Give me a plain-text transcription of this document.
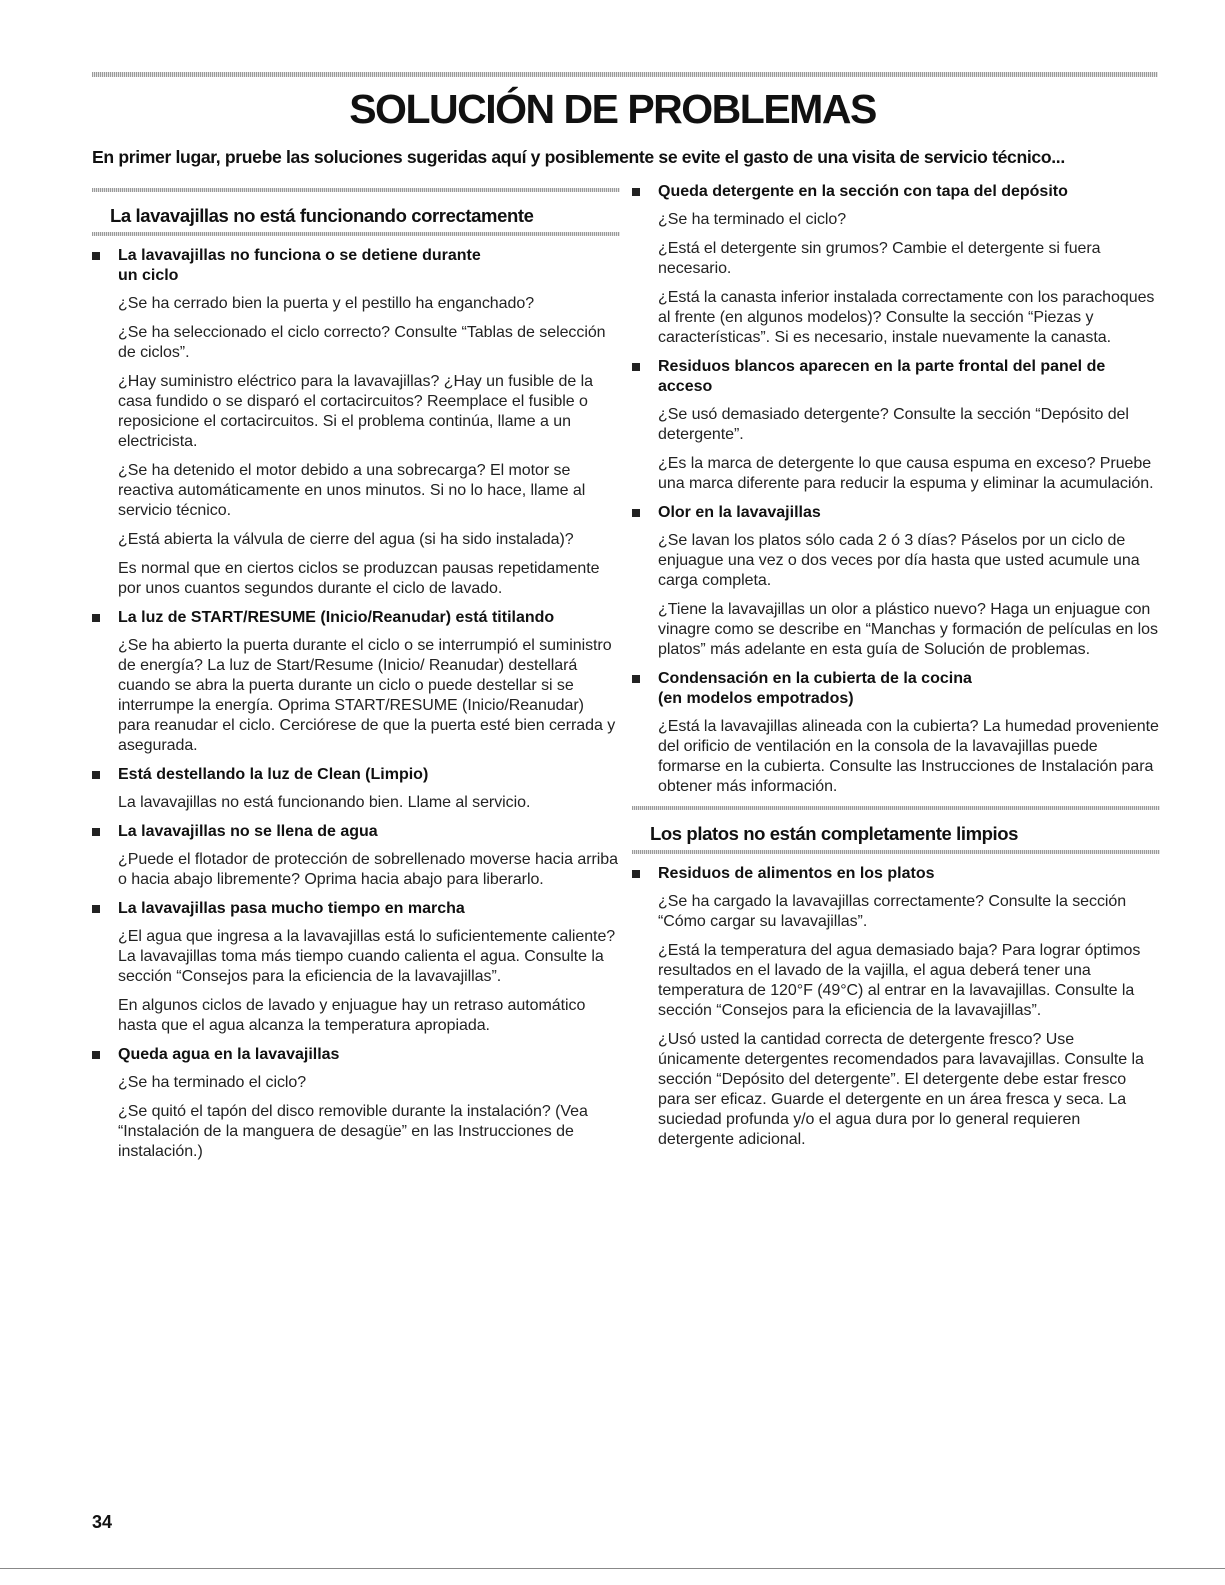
SOLUCIÓN DE PROBLEMAS
En primer lugar, pruebe las soluciones sugeridas aquí y posiblemente se evite el gasto de una visita de servicio técnico...
La lavavajillas no está funcionando correctamente
La lavavajillas no funciona o se detiene durante
un ciclo

¿Se ha cerrado bien la puerta y el pestillo ha enganchado?

¿Se ha seleccionado el ciclo correcto? Consulte “Tablas de selección de ciclos”.

¿Hay suministro eléctrico para la lavavajillas? ¿Hay un fusible de la casa fundido o se disparó el cortacircuitos? Reemplace el fusible o reposicione el cortacircuitos. Si el problema continúa, llame a un electricista.

¿Se ha detenido el motor debido a una sobrecarga? El motor se reactiva automáticamente en unos minutos. Si no lo hace, llame al servicio técnico.

¿Está abierta la válvula de cierre del agua (si ha sido instalada)?

Es normal que en ciertos ciclos se produzcan pausas repetidamente por unos cuantos segundos durante el ciclo de lavado.

La luz de START/RESUME (Inicio/Reanudar) está titilando

¿Se ha abierto la puerta durante el ciclo o se interrumpió el suministro de energía? La luz de Start/Resume (Inicio/ Reanudar) destellará cuando se abra la puerta durante un ciclo o puede destellar si se interrumpe la energía. Oprima START/RESUME (Inicio/Reanudar) para reanudar el ciclo. Cerciórese de que la puerta esté bien cerrada y asegurada.

Está destellando la luz de Clean (Limpio)

La lavavajillas no está funcionando bien. Llame al servicio.

La lavavajillas no se llena de agua

¿Puede el flotador de protección de sobrellenado moverse hacia arriba o hacia abajo libremente? Oprima hacia abajo para liberarlo.

La lavavajillas pasa mucho tiempo en marcha

¿El agua que ingresa a la lavavajillas está lo suficientemente caliente? La lavavajillas toma más tiempo cuando calienta el agua. Consulte la sección “Consejos para la eficiencia de la lavavajillas”.

En algunos ciclos de lavado y enjuague hay un retraso automático hasta que el agua alcanza la temperatura apropiada.

Queda agua en la lavavajillas

¿Se ha terminado el ciclo?

¿Se quitó el tapón del disco removible durante la instalación? (Vea “Instalación de la manguera de desagüe” en las Instrucciones de instalación.)

Queda detergente en la sección con tapa del depósito

¿Se ha terminado el ciclo?

¿Está el detergente sin grumos? Cambie el detergente si fuera necesario.

¿Está la canasta inferior instalada correctamente con los parachoques al frente (en algunos modelos)? Consulte la sección “Piezas y características”. Si es necesario, instale nuevamente la canasta.

Residuos blancos aparecen en la parte frontal del panel de acceso

¿Se usó demasiado detergente? Consulte la sección “Depósito del detergente”.

¿Es la marca de detergente lo que causa espuma en exceso? Pruebe una marca diferente para reducir la espuma y eliminar la acumulación.

Olor en la lavavajillas

¿Se lavan los platos sólo cada 2 ó 3 días? Páselos por un ciclo de enjuague una vez o dos veces por día hasta que usted acumule una carga completa.

¿Tiene la lavavajillas un olor a plástico nuevo? Haga un enjuague con vinagre como se describe en “Manchas y formación de películas en los platos” más adelante en esta guía de Solución de problemas.

Condensación en la cubierta de la cocina
(en modelos empotrados)

¿Está la lavavajillas alineada con la cubierta? La humedad proveniente del orificio de ventilación en la consola de la lavavajillas puede formarse en la cubierta. Consulte las Instrucciones de Instalación para obtener más información.

Los platos no están completamente limpios
Residuos de alimentos en los platos

¿Se ha cargado la lavavajillas correctamente? Consulte la sección “Cómo cargar su lavavajillas”.

¿Está la temperatura del agua demasiado baja? Para lograr óptimos resultados en el lavado de la vajilla, el agua deberá tener una temperatura de 120°F (49°C) al entrar en la lavavajillas. Consulte la sección “Consejos para la eficiencia de la lavavajillas”.

¿Usó usted la cantidad correcta de detergente fresco? Use únicamente detergentes recomendados para lavavajillas. Consulte la sección “Depósito del detergente”. El detergente debe estar fresco para ser eficaz. Guarde el detergente en un área fresca y seca. La suciedad profunda y/o el agua dura por lo general requieren detergente adicional.

34
